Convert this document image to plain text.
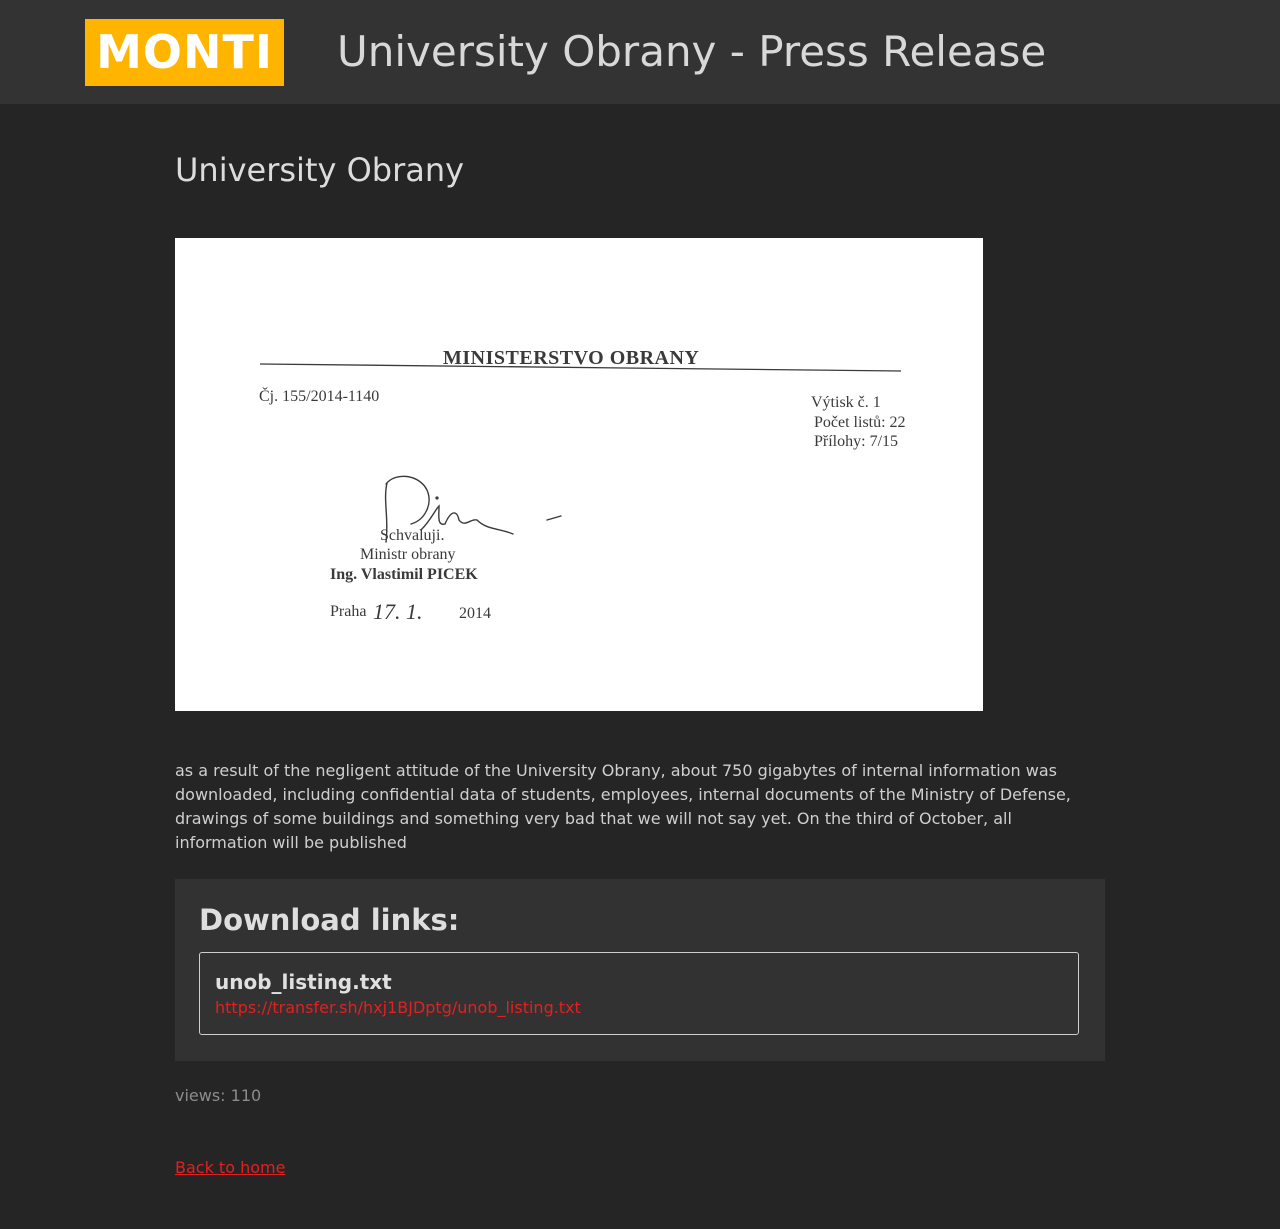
MONTI University Obrany - Press Release
University Obrany
MINISTERSTVO OBRANY
Čj. 155/2014-1140	Výtisk č. 1
Počet listů: 22
Přílohy: 7/15
Schvaluji.
Ministr obrany
Ing. Vlastimil PICEK
Praha 17. 1. 2014

as a result of the negligent attitude of the University Obrany, about 750 gigabytes of internal information was downloaded, including confidential data of students, employees, internal documents of the Ministry of Defense, drawings of some buildings and something very bad that we will not say yet. On the third of October, all information will be published

Download links:
unob_listing.txt
https://transfer.sh/hxj1BJDptg/unob_listing.txt
views: 110
Back to home
